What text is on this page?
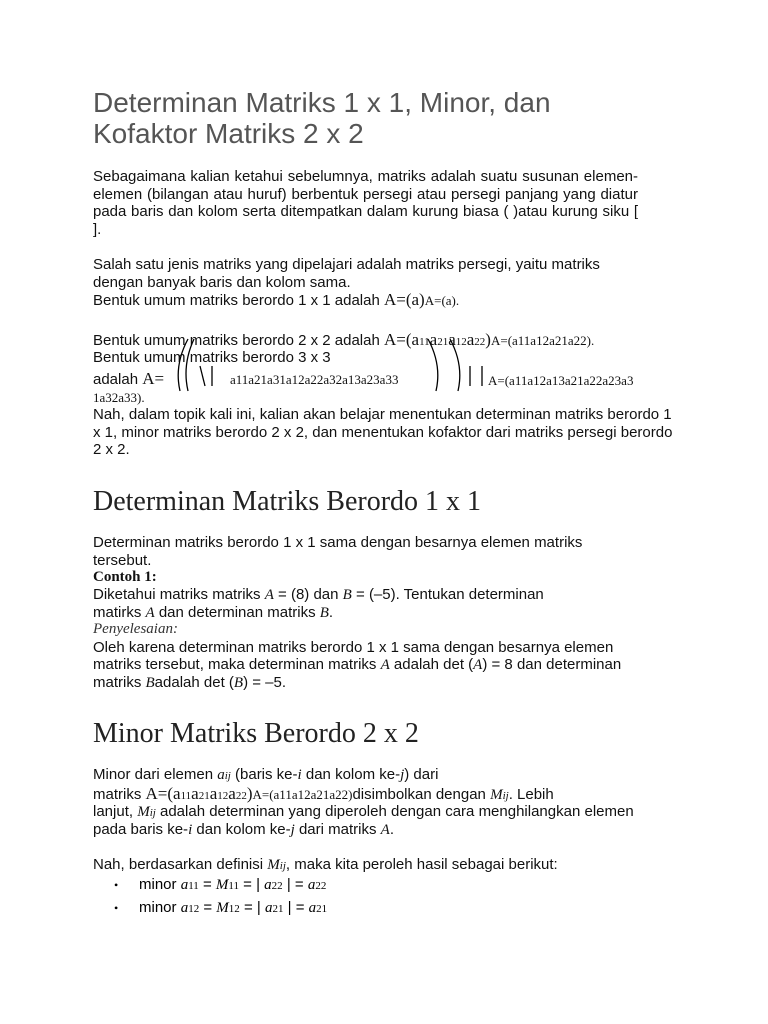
Determinan Matriks 1 x 1, Minor, dan Kofaktor Matriks 2 x 2
Sebagaimana kalian ketahui sebelumnya, matriks adalah suatu susunan elemen-elemen (bilangan atau huruf) berbentuk persegi atau persegi panjang yang diatur pada baris dan kolom serta ditempatkan dalam kurung biasa ( )atau kurung siku [ ].
Salah satu jenis matriks yang dipelajari adalah matriks persegi, yaitu matriks
dengan banyak baris dan kolom sama.
Bentuk umum matriks berordo 1 x 1 adalah A=(a)A=(a).
Bentuk umum matriks berordo 2 x 2 adalah A=(a11a21a12a22)A=(a11a12a21a22).
Bentuk umum matriks berordo 3 x 3
adalah A=	a11a21a31a12a22a32a13a23a33	A=(a11a12a13a21a22a23a3
1a32a33).
Nah, dalam topik kali ini, kalian akan belajar menentukan determinan matriks berordo 1 x 1, minor matriks berordo 2 x 2, dan menentukan kofaktor dari matriks persegi berordo 2 x 2.
Determinan Matriks Berordo 1 x 1
Determinan matriks berordo 1 x 1 sama dengan besarnya elemen matriks tersebut.
Contoh 1:
Diketahui matriks matriks A = (8) dan B = (–5). Tentukan determinan
matirks A dan determinan matriks B.
Penyelesaian:
Oleh karena determinan matriks berordo 1 x 1 sama dengan besarnya elemen
matriks tersebut, maka determinan matriks A adalah det (A) = 8 dan determinan
matriks Badalah det (B) = –5.
Minor Matriks Berordo 2 x 2
Minor dari elemen aij (baris ke-i dan kolom ke-j) dari
matriks A=(a11a21a12a22)A=(a11a12a21a22)disimbolkan dengan Mij. Lebih
lanjut, Mij adalah determinan yang diperoleh dengan cara menghilangkan elemen
pada baris ke-i dan kolom ke-j dari matriks A.
Nah, berdasarkan definisi Mij, maka kita peroleh hasil sebagai berikut:
• minor a11 = M11 = | a22 | = a22
• minor a12 = M12 = | a21 | = a21
